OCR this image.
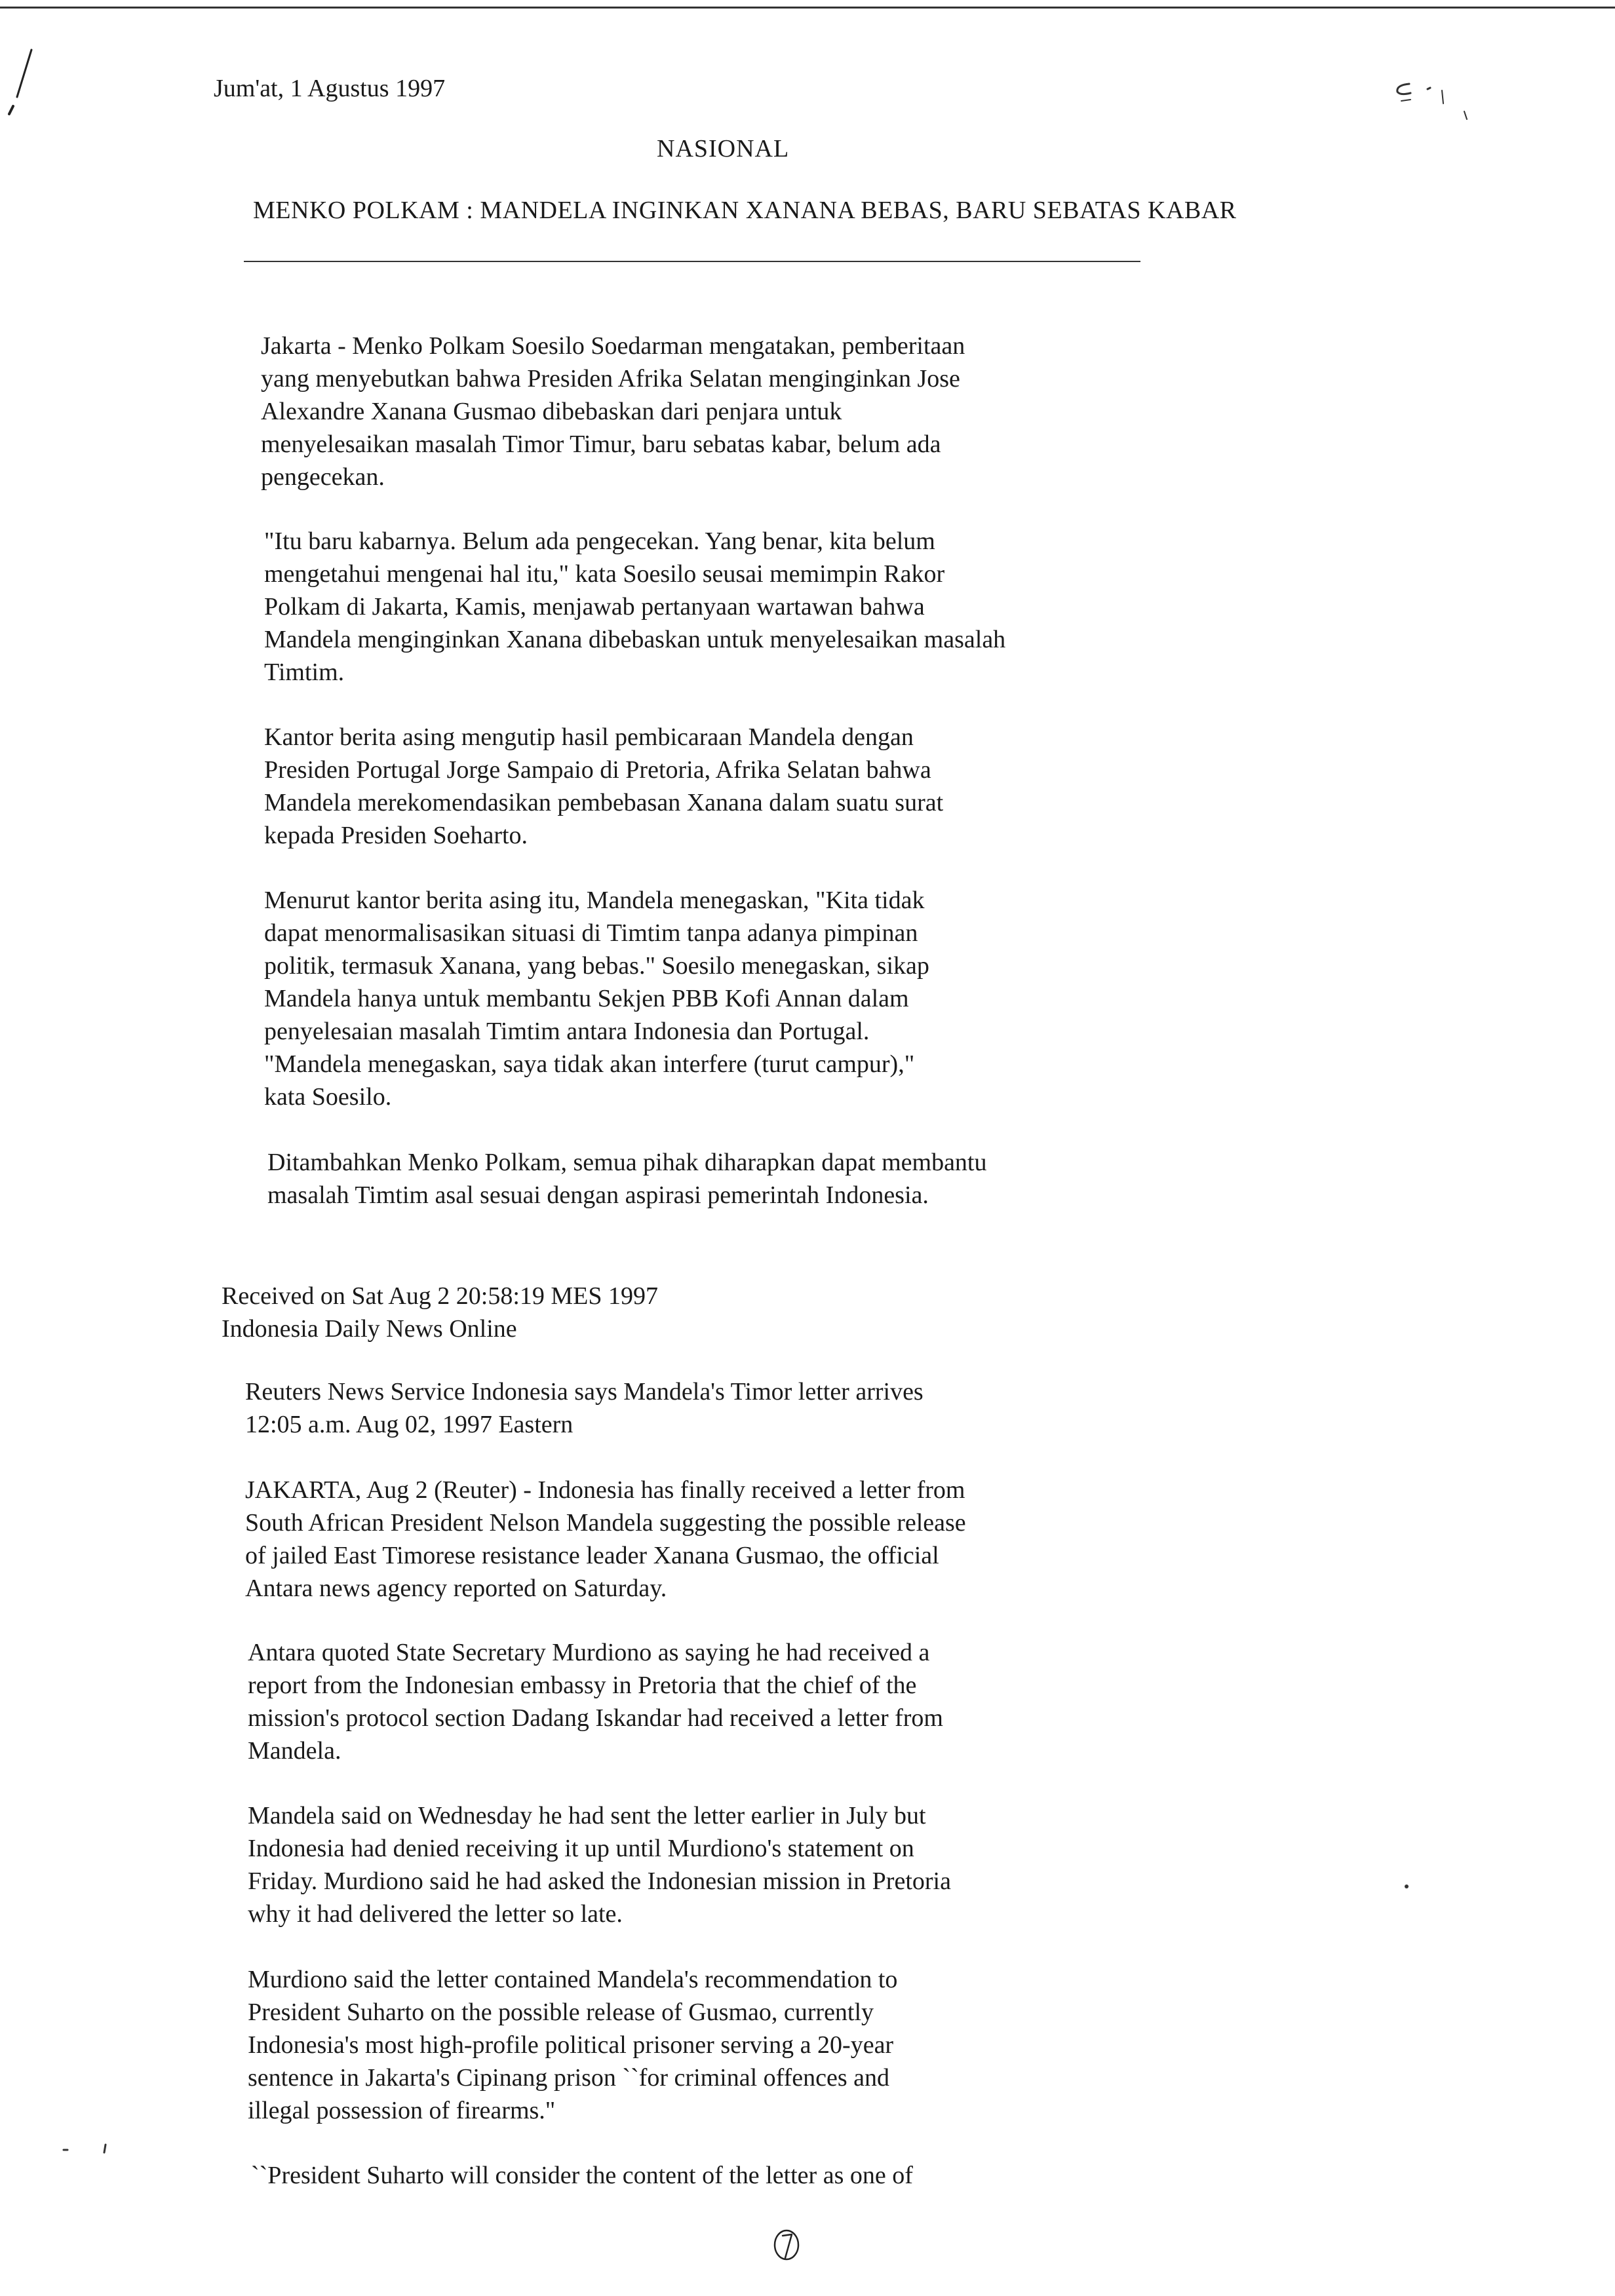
Jum'at, 1 Agustus 1997
NASIONAL
MENKO POLKAM : MANDELA INGINKAN XANANA BEBAS, BARU SEBATAS KABAR

Jakarta - Menko Polkam Soesilo Soedarman mengatakan, pemberitaan
yang menyebutkan bahwa Presiden Afrika Selatan menginginkan Jose
Alexandre Xanana Gusmao dibebaskan dari penjara untuk
menyelesaikan masalah Timor Timur, baru sebatas kabar, belum ada
pengecekan.

"Itu baru kabarnya. Belum ada pengecekan. Yang benar, kita belum
mengetahui mengenai hal itu," kata Soesilo seusai memimpin Rakor
Polkam di Jakarta, Kamis, menjawab pertanyaan wartawan bahwa
Mandela menginginkan Xanana dibebaskan untuk menyelesaikan masalah
Timtim.

Kantor berita asing mengutip hasil pembicaraan Mandela dengan
Presiden Portugal Jorge Sampaio di Pretoria, Afrika Selatan bahwa
Mandela merekomendasikan pembebasan Xanana dalam suatu surat
kepada Presiden Soeharto.

Menurut kantor berita asing itu, Mandela menegaskan, "Kita tidak
dapat menormalisasikan situasi di Timtim tanpa adanya pimpinan
politik, termasuk Xanana, yang bebas." Soesilo menegaskan, sikap
Mandela hanya untuk membantu Sekjen PBB Kofi Annan dalam
penyelesaian masalah Timtim antara Indonesia dan Portugal.
"Mandela menegaskan, saya tidak akan interfere (turut campur),"
kata Soesilo.

Ditambahkan Menko Polkam, semua pihak diharapkan dapat membantu
masalah Timtim asal sesuai dengan aspirasi pemerintah Indonesia.

Received on Sat Aug 2 20:58:19 MES 1997
Indonesia Daily News Online

Reuters News Service Indonesia says Mandela's Timor letter arrives
12:05 a.m. Aug 02, 1997 Eastern

JAKARTA, Aug 2 (Reuter) - Indonesia has finally received a letter from
South African President Nelson Mandela suggesting the possible release
of jailed East Timorese resistance leader Xanana Gusmao, the official
Antara news agency reported on Saturday.

Antara quoted State Secretary Murdiono as saying he had received a
report from the Indonesian embassy in Pretoria that the chief of the
mission's protocol section Dadang Iskandar had received a letter from
Mandela.

Mandela said on Wednesday he had sent the letter earlier in July but
Indonesia had denied receiving it up until Murdiono's statement on
Friday. Murdiono said he had asked the Indonesian mission in Pretoria
why it had delivered the letter so late.

Murdiono said the letter contained Mandela's recommendation to
President Suharto on the possible release of Gusmao, currently
Indonesia's most high-profile political prisoner serving a 20-year
sentence in Jakarta's Cipinang prison ``for criminal offences and
illegal possession of firearms."

``President Suharto will consider the content of the letter as one of
